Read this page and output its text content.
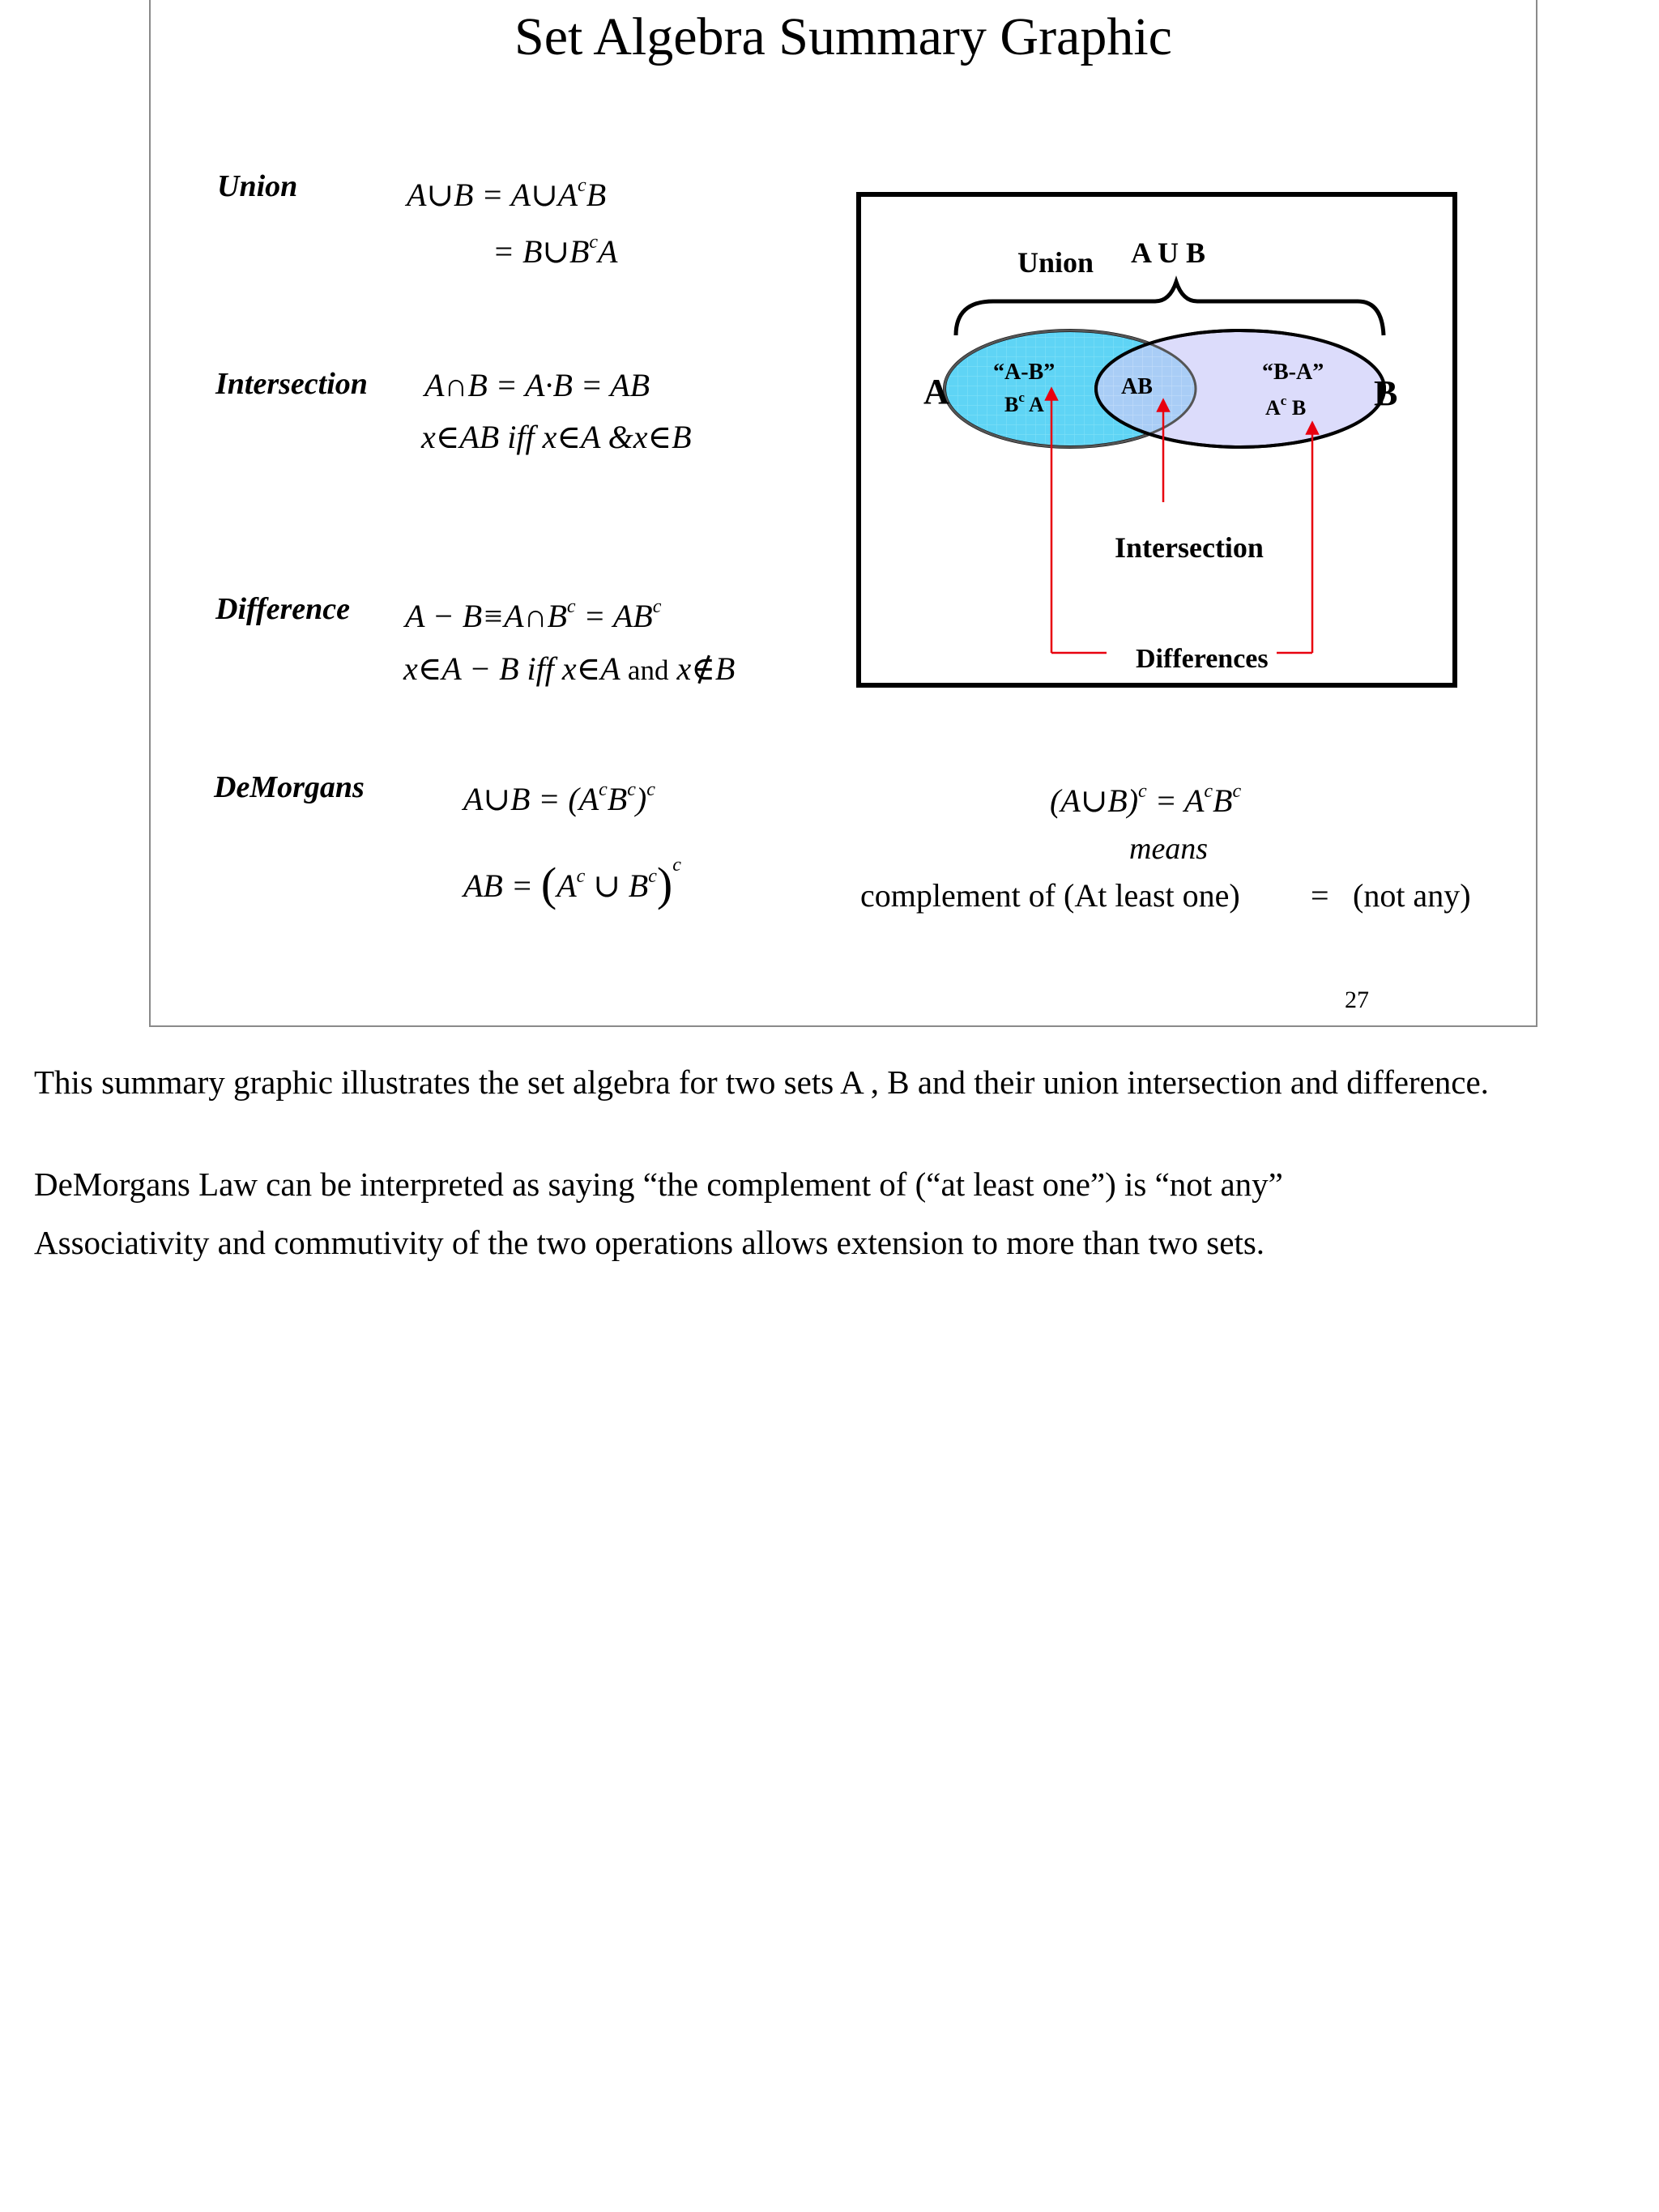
Set Algebra Summary Graphic
Union	A∪B = $A\cup A^cB$
= $B\cup B^cA$
Intersection A∩B = A·B = AB
x∈AB iff x∈A &x∈B
Difference $A - B\equiv A\cap B^c = AB^c$
x∈A − B iff x∈A and x∉B
DeMorgans	A∪B = $(A^cB^c)^c$
AB = ($A^c$ ∪ $B^c)^c$
(A∪B)$^c$ = $A^cB^c$
means
complement of (At least one) = (not any)
Union A U B
A	B
“A-B”
$B^c$ A
AB
“B-A”
$A^c$ B
Intersection
Differences
27
This summary graphic illustrates the set algebra for two sets A , B and their union intersection and difference.
DeMorgans Law can be interpreted as saying “the complement of (“at least one”) is “not any”
Associativity and commutivity of the two operations allows extension to more than two sets.
